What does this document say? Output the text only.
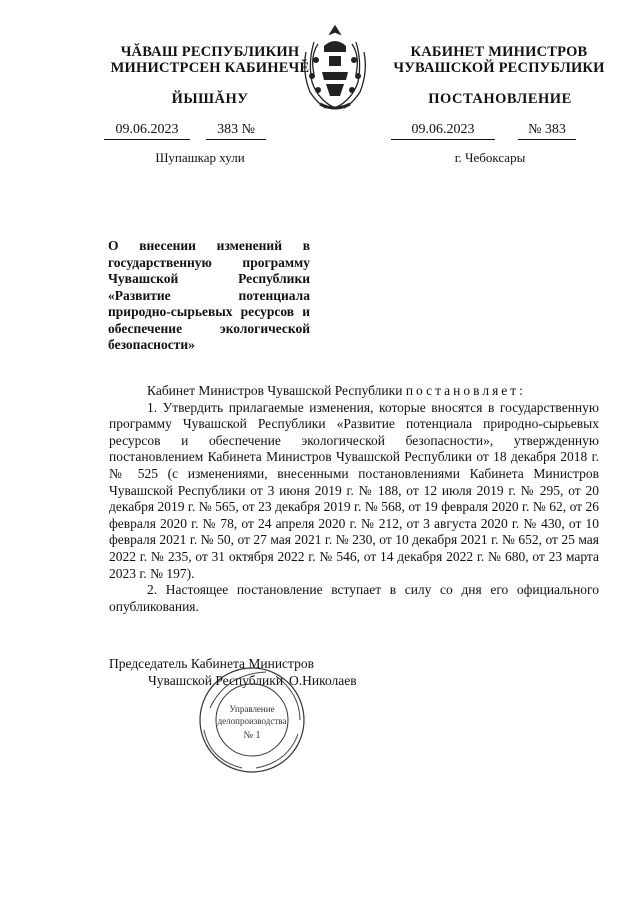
ЧĂВАШ РЕСПУБЛИКИН
МИНИСТРСЕН КАБИНЕЧĔ
ЙЫШĂНУ
КАБИНЕТ МИНИСТРОВ
ЧУВАШСКОЙ РЕСПУБЛИКИ
ПОСТАНОВЛЕНИЕ
09.06.2023	383 №	09.06.2023	№ 383
Шупашкар хули	г. Чебоксары
О внесении изменений в государственную программу Чувашской Республики «Развитие потенциала природно-сырьевых ресурсов и обеспечение экологической безопасности»

Кабинет Министров Чувашской Республики постановляет:

1. Утвердить прилагаемые изменения, которые вносятся в государственную программу Чувашской Республики «Развитие потенциала природно-сырьевых ресурсов и обеспечение экологической безопасности», утвержденную постановлением Кабинета Министров Чувашской Республики от 18 декабря 2018 г. № 525 (с изменениями, внесенными постановлениями Кабинета Министров Чувашской Республики от 3 июня 2019 г. № 188, от 12 июля 2019 г. № 295, от 20 декабря 2019 г. № 565, от 23 декабря 2019 г. № 568, от 19 февраля 2020 г. № 62, от 26 февраля 2020 г. № 78, от 24 апреля 2020 г. № 212, от 3 августа 2020 г. № 430, от 10 февраля 2021 г. № 50, от 27 мая 2021 г. № 230, от 10 декабря 2021 г. № 652, от 25 мая 2022 г. № 235, от 31 октября 2022 г. № 546, от 14 декабря 2022 г. № 680, от 23 марта 2023 г. № 197).

2. Настоящее постановление вступает в силу со дня его официального опубликования.

Управление
делопроизводства
№ 1
Председатель Кабинета Министров
Чувашской Республики О.Николаев
